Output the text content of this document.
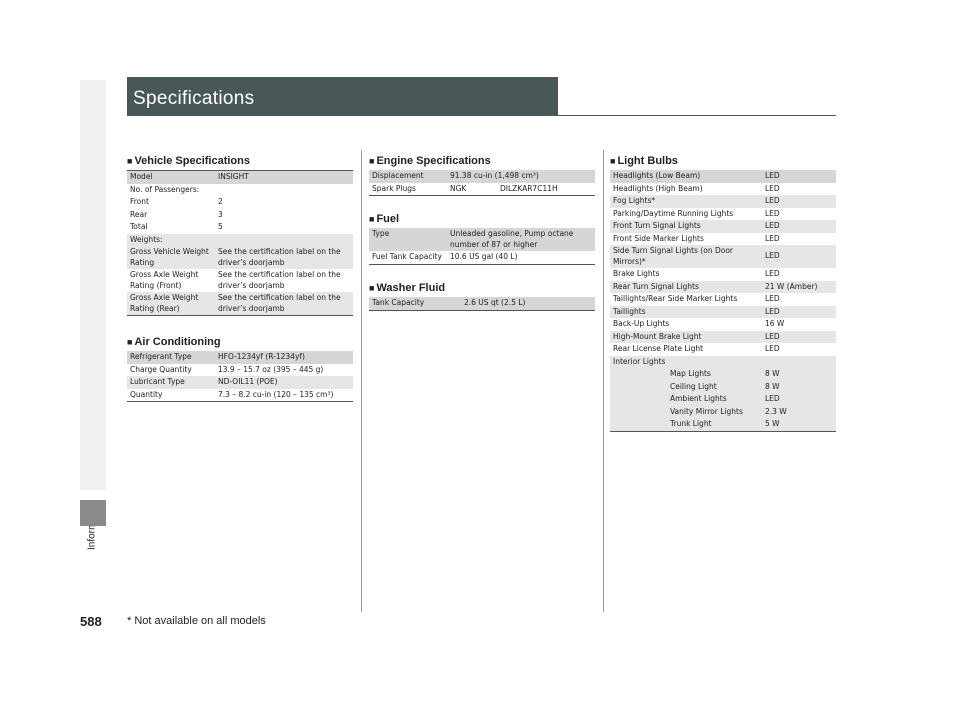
Specifications
588 * Not available on all models
■ Vehicle Specifications
Model	INSIGHT
No. of Passengers:	
Front	2
Rear	3
Total	5
Weights:	
Gross Vehicle Weight Rating	See the certification label on the driver’s doorjamb
Gross Axle Weight Rating (Front)	See the certification label on the driver’s doorjamb
Gross Axle Weight Rating (Rear)	See the certification label on the driver’s doorjamb
■ Air Conditioning
Refrigerant Type	HFO-1234yf (R-1234yf)
Charge Quantity	13.9 – 15.7 oz (395 – 445 g)
Lubricant Type	ND-OIL11 (POE)
Quantity	7.3 – 8.2 cu-in (120 – 135 cm³)
■ Engine Specifications
Displacement	91.38 cu-in (1,498 cm³)	
Spark Plugs	NGK	DILZKAR7C11H
■ Fuel
Type	Unleaded gasoline, Pump octane number of 87 or higher
Fuel Tank Capacity	10.6 US gal (40 L)
■ Washer Fluid
Tank Capacity	2.6 US qt (2.5 L)
■ Light Bulbs
Headlights (Low Beam)	LED
Headlights (High Beam)	LED
Fog Lights*	LED
Parking/Daytime Running Lights	LED
Front Turn Signal Lights	LED
Front Side Marker Lights	LED
Side Turn Signal Lights (on Door Mirrors)*	LED
Brake Lights	LED
Rear Turn Signal Lights	21 W (Amber)
Taillights/Rear Side Marker Lights	LED
Taillights	LED
Back-Up Lights	16 W
High-Mount Brake Light	LED
Rear License Plate Light	LED
Interior Lights	
Map Lights	8 W
Ceiling Light	8 W
Ambient Lights	LED
Vanity Mirror Lights	2.3 W
Trunk Light	5 W
